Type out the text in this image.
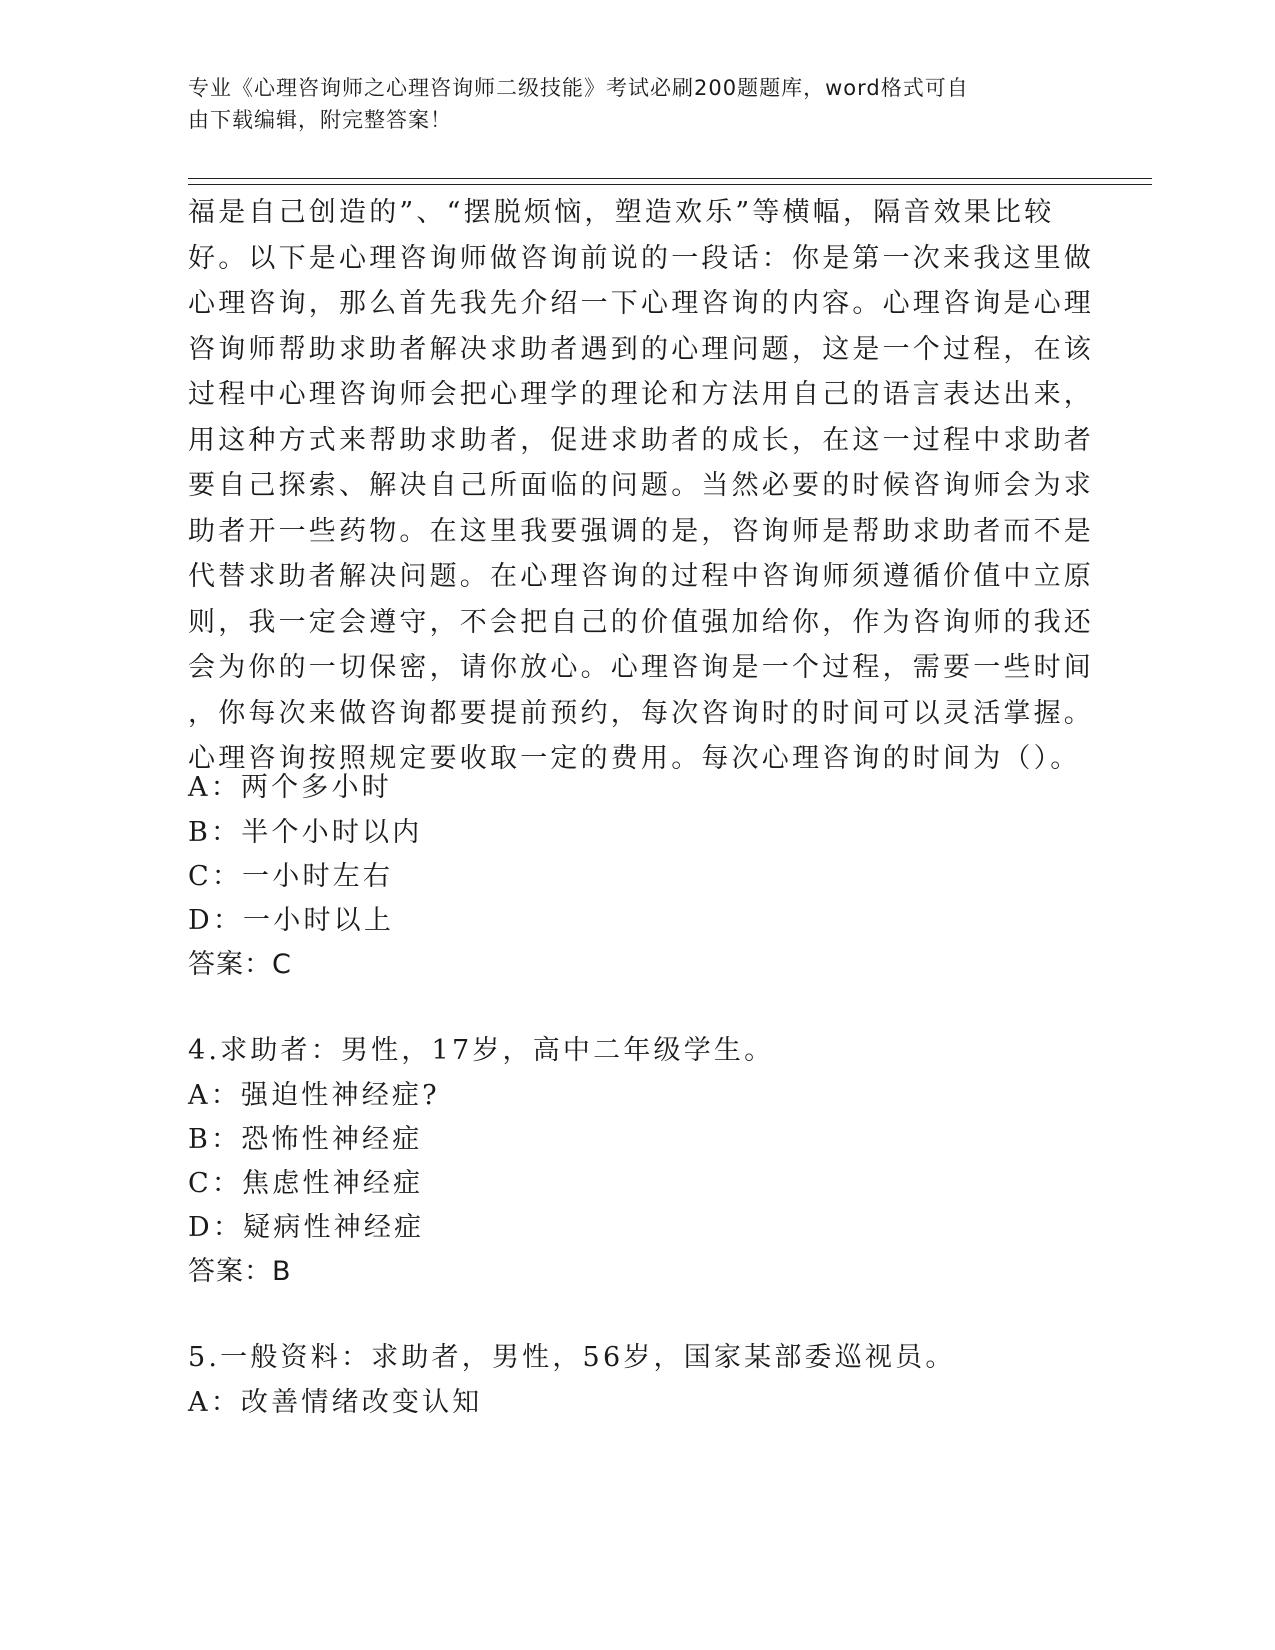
专业《心理咨询师之心理咨询师二级技能》考试必刷200题题库，word格式可自
由下载编辑，附完整答案！
福是自己创造的”、“摆脱烦恼，塑造欢乐”等横幅，隔音效果比较
好。以下是心理咨询师做咨询前说的一段话：你是第一次来我这里做
心理咨询，那么首先我先介绍一下心理咨询的内容。心理咨询是心理
咨询师帮助求助者解决求助者遇到的心理问题，这是一个过程，在该
过程中心理咨询师会把心理学的理论和方法用自己的语言表达出来，
用这种方式来帮助求助者，促进求助者的成长，在这一过程中求助者
要自己探索、解决自己所面临的问题。当然必要的时候咨询师会为求
助者开一些药物。在这里我要强调的是，咨询师是帮助求助者而不是
代替求助者解决问题。在心理咨询的过程中咨询师须遵循价值中立原
则，我一定会遵守，不会把自己的价值强加给你，作为咨询师的我还
会为你的一切保密，请你放心。心理咨询是一个过程，需要一些时间
，你每次来做咨询都要提前预约，每次咨询时的时间可以灵活掌握。
心理咨询按照规定要收取一定的费用。每次心理咨询的时间为（）。
A：两个多小时
B：半个小时以内
C：一小时左右
D：一小时以上
答案：C
4.求助者：男性，17岁，高中二年级学生。
A：强迫性神经症?
B：恐怖性神经症
C：焦虑性神经症
D：疑病性神经症
答案：B
5.一般资料：求助者，男性，56岁，国家某部委巡视员。
A：改善情绪改变认知
